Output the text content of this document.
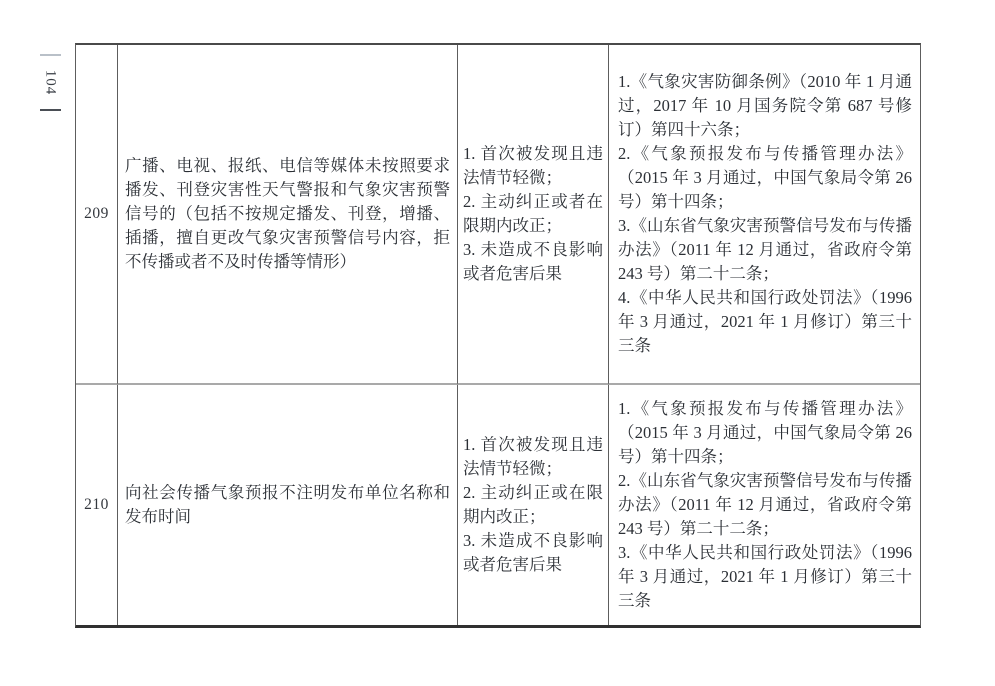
104
209
广播、电视、报纸、电信等媒体未按照要求播发、刊登灾害性天气警报和气象灾害预警信号的（包括不按规定播发、刊登，增播、插播，擅自更改气象灾害预警信号内容，拒不传播或者不及时传播等情形）
1. 首次被发现且违法情节轻微；
2. 主动纠正或者在限期内改正；
3. 未造成不良影响或者危害后果
1.《气象灾害防御条例》（2010 年 1 月通过，2017 年 10 月国务院令第 687 号修订）第四十六条；
2.《气象预报发布与传播管理办法》（2015 年 3 月通过，中国气象局令第 26 号）第十四条；
3.《山东省气象灾害预警信号发布与传播办法》（2011 年 12 月通过，省政府令第 243 号）第二十二条；
4.《中华人民共和国行政处罚法》（1996 年 3 月通过，2021 年 1 月修订）第三十三条
210
向社会传播气象预报不注明发布单位名称和发布时间
1. 首次被发现且违法情节轻微；
2. 主动纠正或在限期内改正；
3. 未造成不良影响或者危害后果
1.《气象预报发布与传播管理办法》（2015 年 3 月通过，中国气象局令第 26 号）第十四条；
2.《山东省气象灾害预警信号发布与传播办法》（2011 年 12 月通过，省政府令第 243 号）第二十二条；
3.《中华人民共和国行政处罚法》（1996 年 3 月通过，2021 年 1 月修订）第三十三条
